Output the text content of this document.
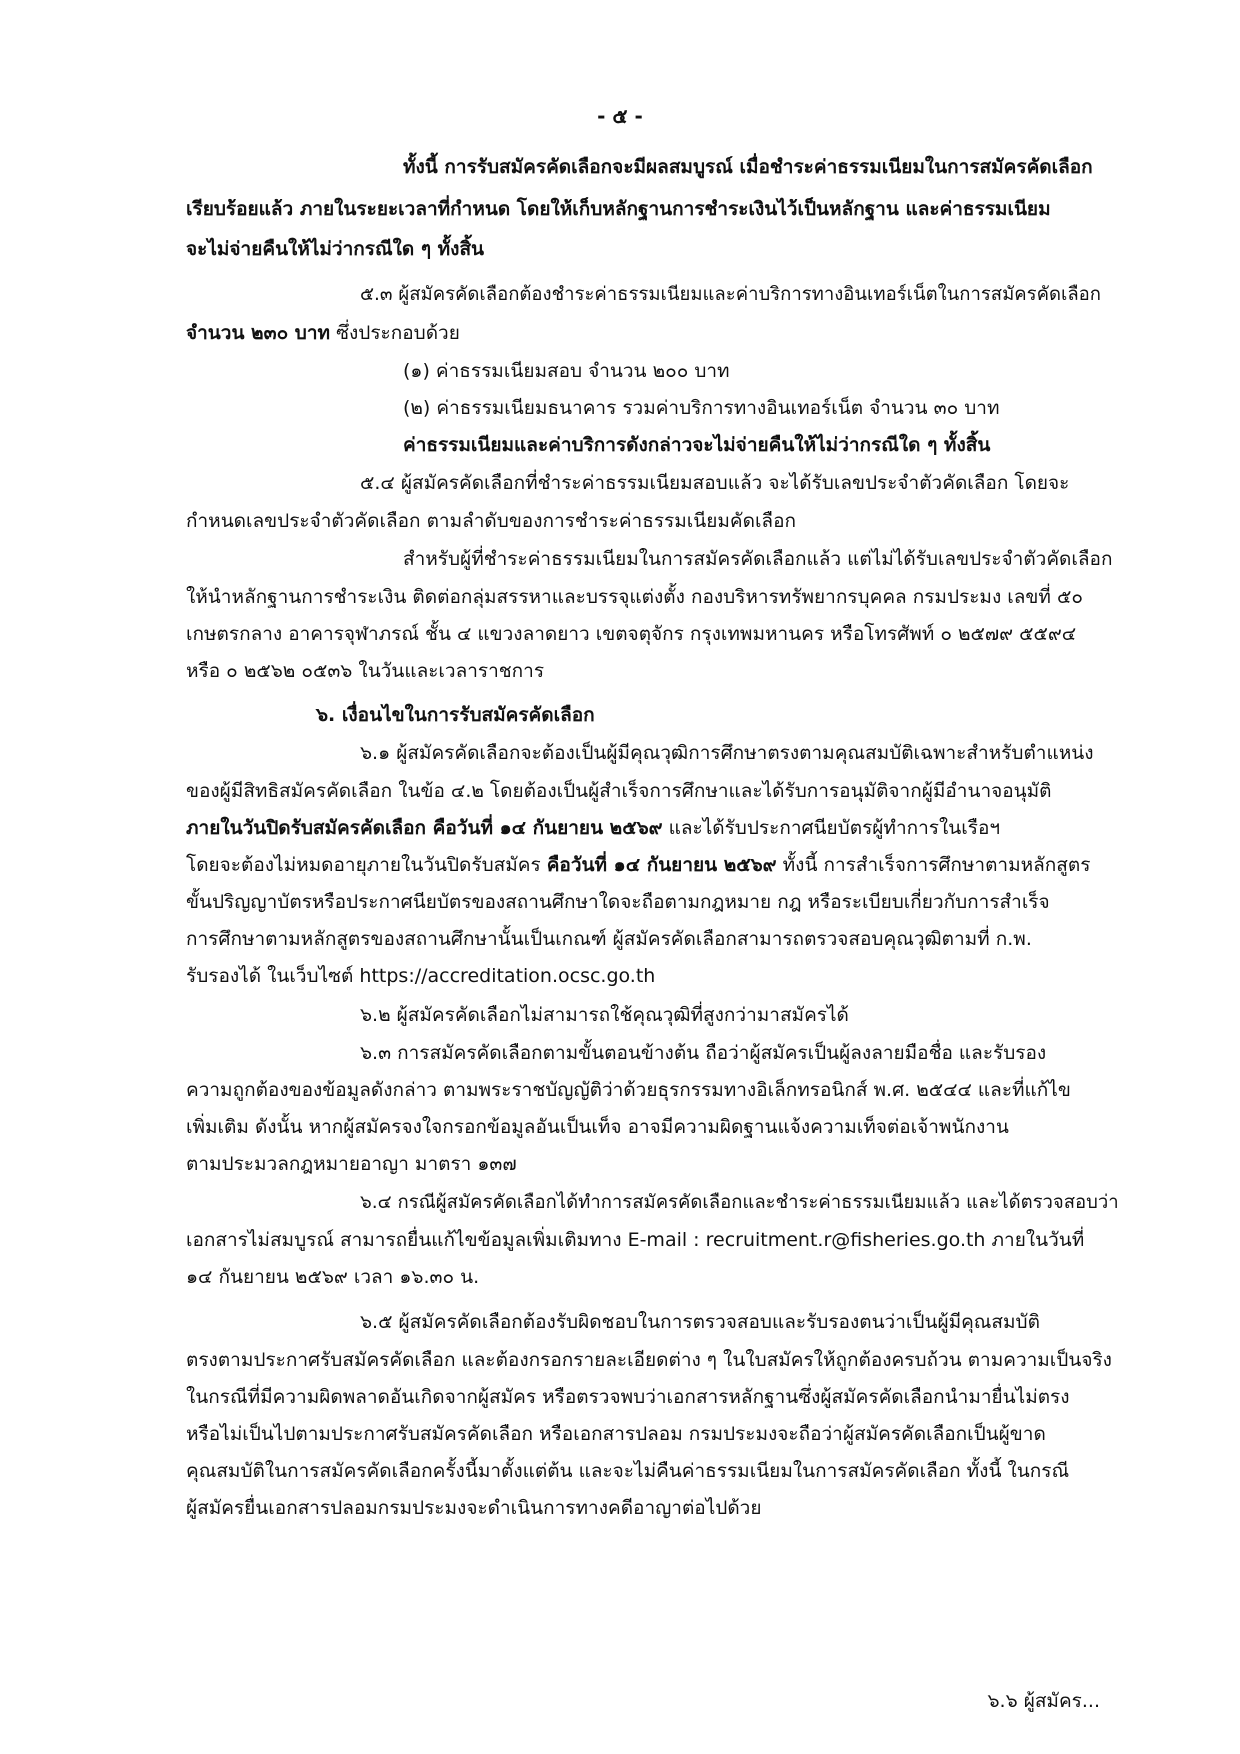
- ๕ -
ทั้งนี้ การรับสมัครคัดเลือกจะมีผลสมบูรณ์ เมื่อชำระค่าธรรมเนียมในการสมัครคัดเลือก
เรียบร้อยแล้ว ภายในระยะเวลาที่กำหนด โดยให้เก็บหลักฐานการชำระเงินไว้เป็นหลักฐาน และค่าธรรมเนียม
จะไม่จ่ายคืนให้ไม่ว่ากรณีใด ๆ ทั้งสิ้น
๕.๓ ผู้สมัครคัดเลือกต้องชำระค่าธรรมเนียมและค่าบริการทางอินเทอร์เน็ตในการสมัครคัดเลือก
จำนวน ๒๓๐ บาท ซึ่งประกอบด้วย
(๑) ค่าธรรมเนียมสอบ จำนวน ๒๐๐ บาท
(๒) ค่าธรรมเนียมธนาคาร รวมค่าบริการทางอินเทอร์เน็ต จำนวน ๓๐ บาท
ค่าธรรมเนียมและค่าบริการดังกล่าวจะไม่จ่ายคืนให้ไม่ว่ากรณีใด ๆ ทั้งสิ้น
๕.๔ ผู้สมัครคัดเลือกที่ชำระค่าธรรมเนียมสอบแล้ว จะได้รับเลขประจำตัวคัดเลือก โดยจะ
กำหนดเลขประจำตัวคัดเลือก ตามลำดับของการชำระค่าธรรมเนียมคัดเลือก
สำหรับผู้ที่ชำระค่าธรรมเนียมในการสมัครคัดเลือกแล้ว แต่ไม่ได้รับเลขประจำตัวคัดเลือก
ให้นำหลักฐานการชำระเงิน ติดต่อกลุ่มสรรหาและบรรจุแต่งตั้ง กองบริหารทรัพยากรบุคคล กรมประมง เลขที่ ๕๐
เกษตรกลาง อาคารจุฬาภรณ์ ชั้น ๔ แขวงลาดยาว เขตจตุจักร กรุงเทพมหานคร หรือโทรศัพท์ ๐ ๒๕๗๙ ๕๕๙๔
หรือ ๐ ๒๕๖๒ ๐๕๓๖ ในวันและเวลาราชการ
๖. เงื่อนไขในการรับสมัครคัดเลือก
๖.๑ ผู้สมัครคัดเลือกจะต้องเป็นผู้มีคุณวุฒิการศึกษาตรงตามคุณสมบัติเฉพาะสำหรับตำแหน่ง
ของผู้มีสิทธิสมัครคัดเลือก ในข้อ ๔.๒ โดยต้องเป็นผู้สำเร็จการศึกษาและได้รับการอนุมัติจากผู้มีอำนาจอนุมัติ
ภายในวันปิดรับสมัครคัดเลือก คือวันที่ ๑๔ กันยายน ๒๕๖๙ และได้รับประกาศนียบัตรผู้ทำการในเรือฯ
โดยจะต้องไม่หมดอายุภายในวันปิดรับสมัคร คือวันที่ ๑๔ กันยายน ๒๕๖๙ ทั้งนี้ การสำเร็จการศึกษาตามหลักสูตร
ขั้นปริญญาบัตรหรือประกาศนียบัตรของสถานศึกษาใดจะถือตามกฎหมาย กฎ หรือระเบียบเกี่ยวกับการสำเร็จ
การศึกษาตามหลักสูตรของสถานศึกษานั้นเป็นเกณฑ์ ผู้สมัครคัดเลือกสามารถตรวจสอบคุณวุฒิตามที่ ก.พ.
รับรองได้ ในเว็บไซต์ https://accreditation.ocsc.go.th
๖.๒ ผู้สมัครคัดเลือกไม่สามารถใช้คุณวุฒิที่สูงกว่ามาสมัครได้
๖.๓ การสมัครคัดเลือกตามขั้นตอนข้างต้น ถือว่าผู้สมัครเป็นผู้ลงลายมือชื่อ และรับรอง
ความถูกต้องของข้อมูลดังกล่าว ตามพระราชบัญญัติว่าด้วยธุรกรรมทางอิเล็กทรอนิกส์ พ.ศ. ๒๕๔๔ และที่แก้ไข
เพิ่มเติม ดังนั้น หากผู้สมัครจงใจกรอกข้อมูลอันเป็นเท็จ อาจมีความผิดฐานแจ้งความเท็จต่อเจ้าพนักงาน
ตามประมวลกฎหมายอาญา มาตรา ๑๓๗
๖.๔ กรณีผู้สมัครคัดเลือกได้ทำการสมัครคัดเลือกและชำระค่าธรรมเนียมแล้ว และได้ตรวจสอบว่า
เอกสารไม่สมบูรณ์ สามารถยื่นแก้ไขข้อมูลเพิ่มเติมทาง E-mail : recruitment.r@fisheries.go.th ภายในวันที่
๑๔ กันยายน ๒๕๖๙ เวลา ๑๖.๓๐ น.
๖.๕ ผู้สมัครคัดเลือกต้องรับผิดชอบในการตรวจสอบและรับรองตนว่าเป็นผู้มีคุณสมบัติ
ตรงตามประกาศรับสมัครคัดเลือก และต้องกรอกรายละเอียดต่าง ๆ ในใบสมัครให้ถูกต้องครบถ้วน ตามความเป็นจริง
ในกรณีที่มีความผิดพลาดอันเกิดจากผู้สมัคร หรือตรวจพบว่าเอกสารหลักฐานซึ่งผู้สมัครคัดเลือกนำมายื่นไม่ตรง
หรือไม่เป็นไปตามประกาศรับสมัครคัดเลือก หรือเอกสารปลอม กรมประมงจะถือว่าผู้สมัครคัดเลือกเป็นผู้ขาด
คุณสมบัติในการสมัครคัดเลือกครั้งนี้มาตั้งแต่ต้น และจะไม่คืนค่าธรรมเนียมในการสมัครคัดเลือก ทั้งนี้ ในกรณี
ผู้สมัครยื่นเอกสารปลอมกรมประมงจะดำเนินการทางคดีอาญาต่อไปด้วย
๖.๖ ผู้สมัคร...
